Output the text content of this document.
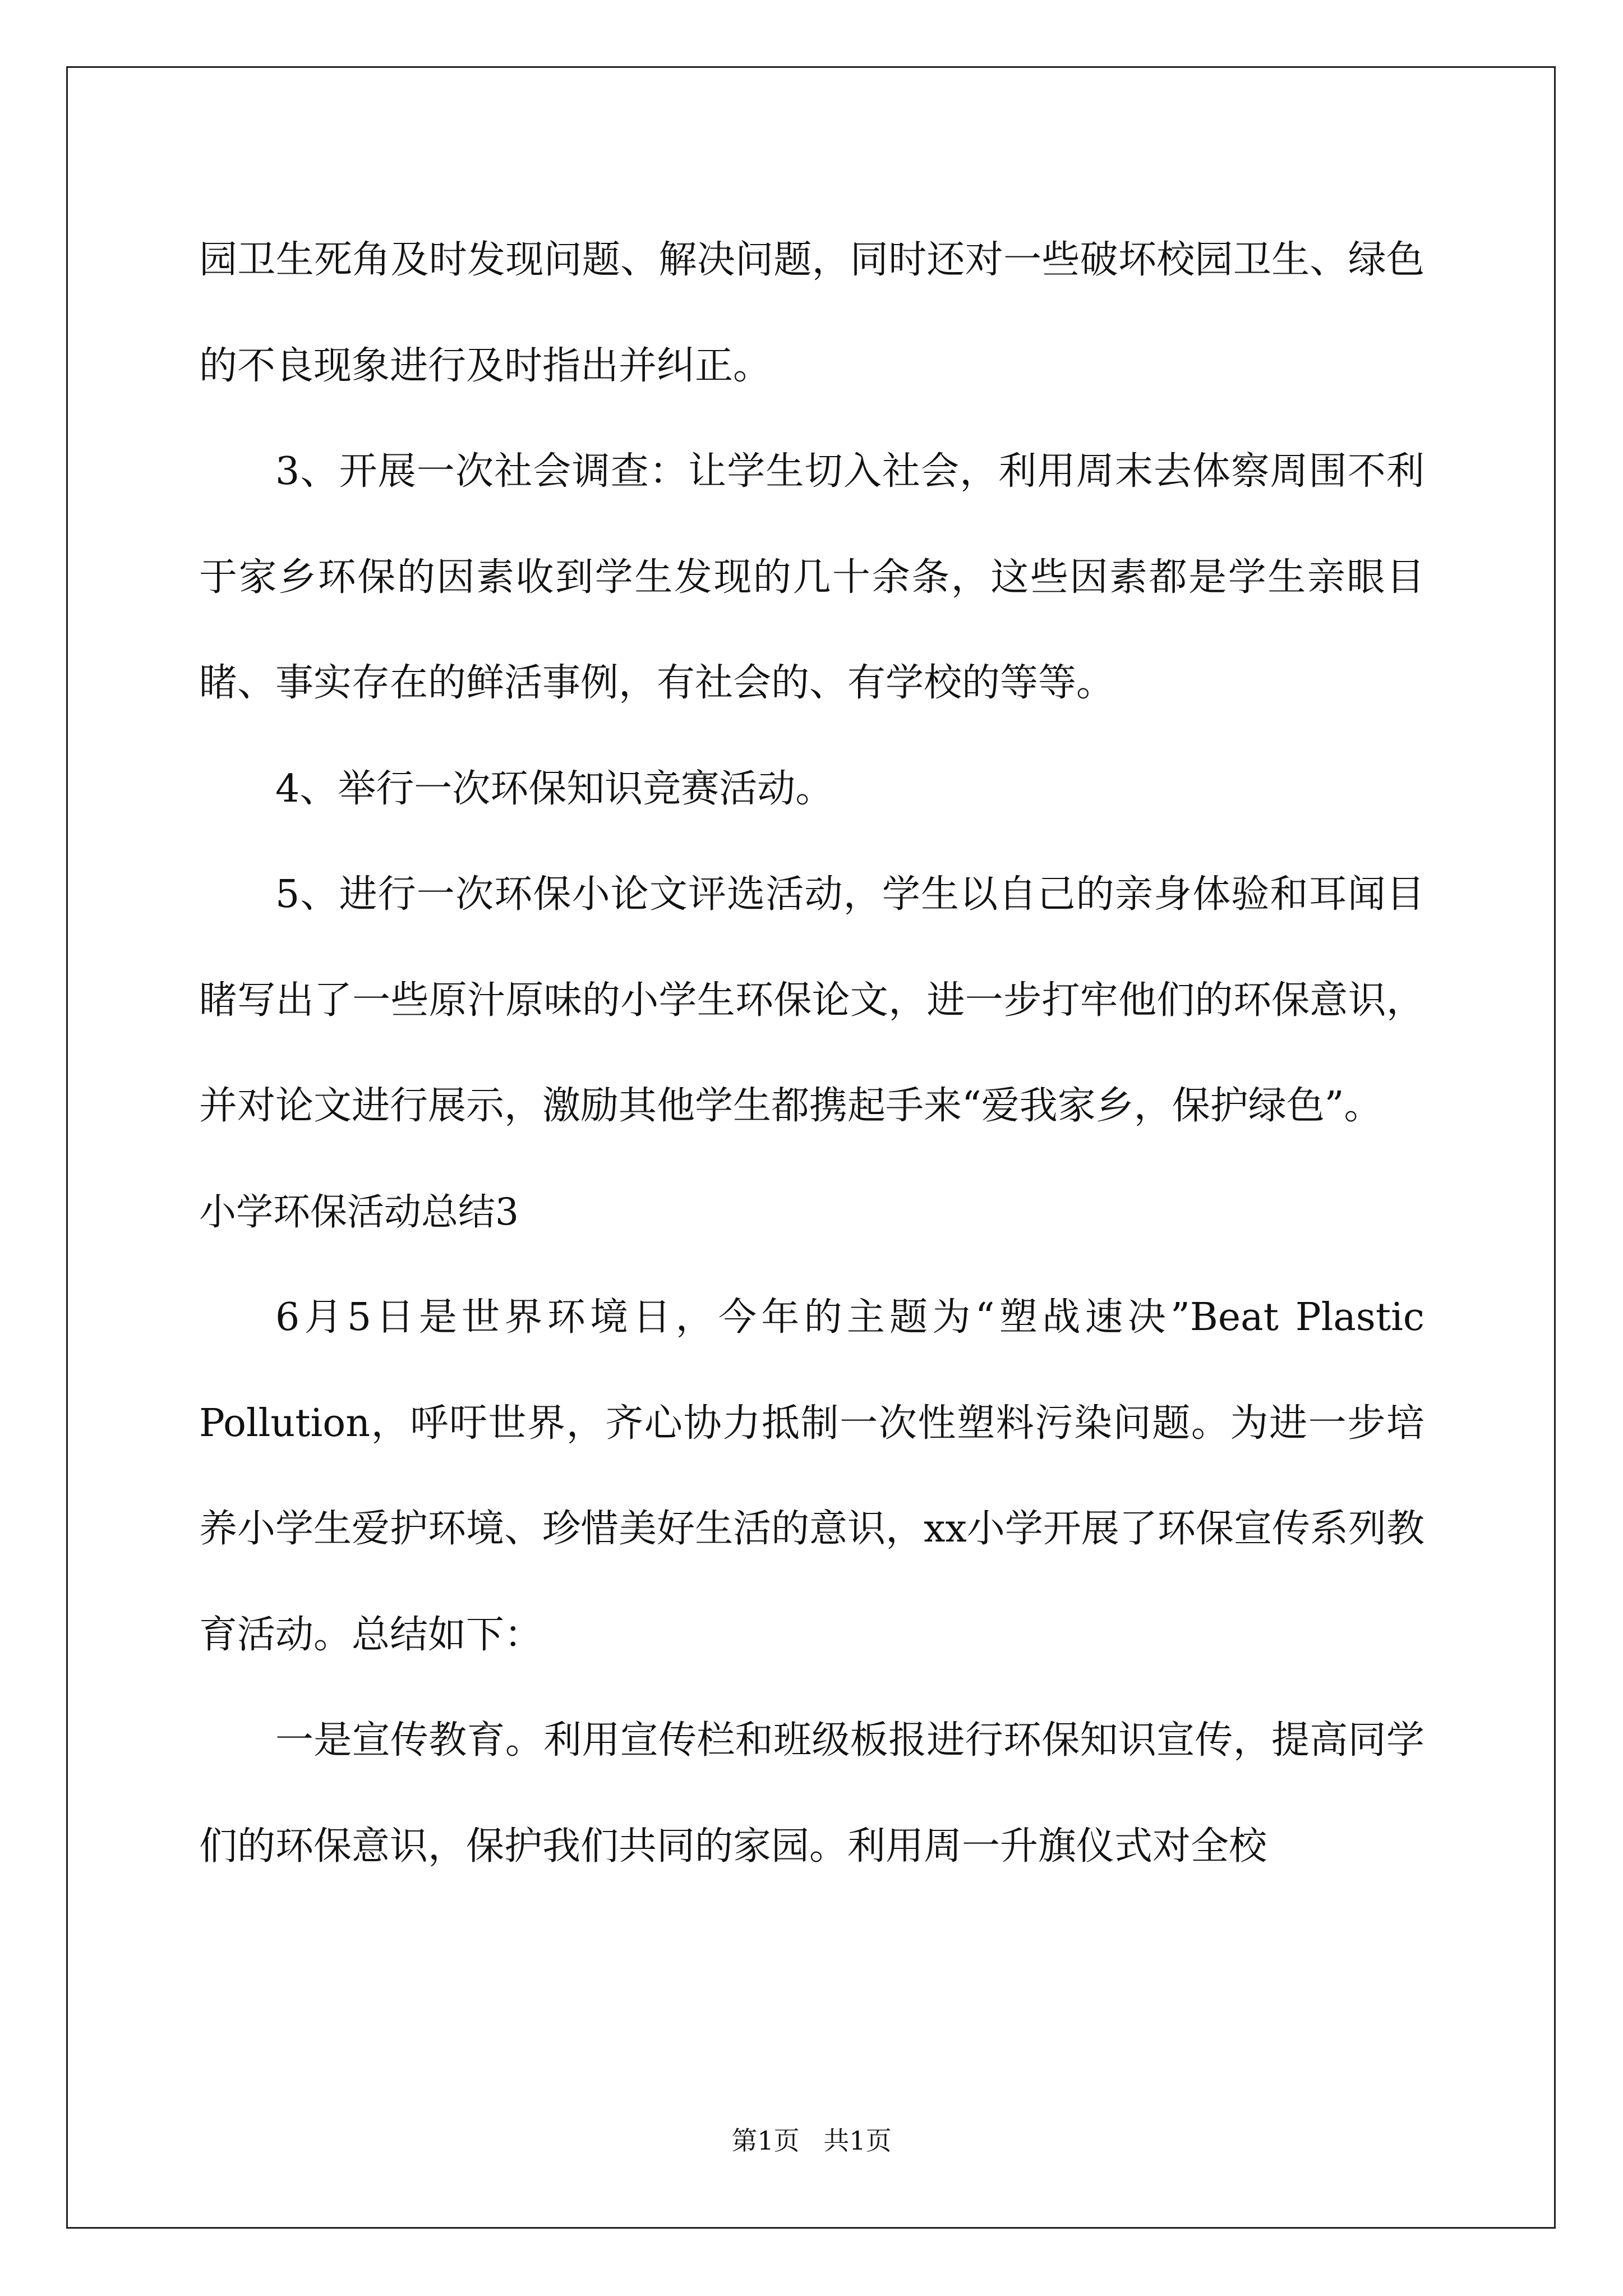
园卫生死角及时发现问题、解决问题，同时还对一些破坏校园卫生、绿色的不良现象进行及时指出并纠正。

3、开展一次社会调查：让学生切入社会，利用周末去体察周围不利于家乡环保的因素收到学生发现的几十余条，这些因素都是学生亲眼目睹、事实存在的鲜活事例，有社会的、有学校的等等。

4、举行一次环保知识竞赛活动。

5、进行一次环保小论文评选活动，学生以自己的亲身体验和耳闻目睹写出了一些原汁原味的小学生环保论文，进一步打牢他们的环保意识，并对论文进行展示，激励其他学生都携起手来“爱我家乡，保护绿色”。

小学环保活动总结3

6月5日是世界环境日，今年的主题为“塑战速决”Beat Plastic Pollution，呼吁世界，齐心协力抵制一次性塑料污染问题。为进一步培养小学生爱护环境、珍惜美好生活的意识，xx小学开展了环保宣传系列教育活动。总结如下：

一是宣传教育。利用宣传栏和班级板报进行环保知识宣传，提高同学们的环保意识，保护我们共同的家园。利用周一升旗仪式对全校

第1页 共1页
